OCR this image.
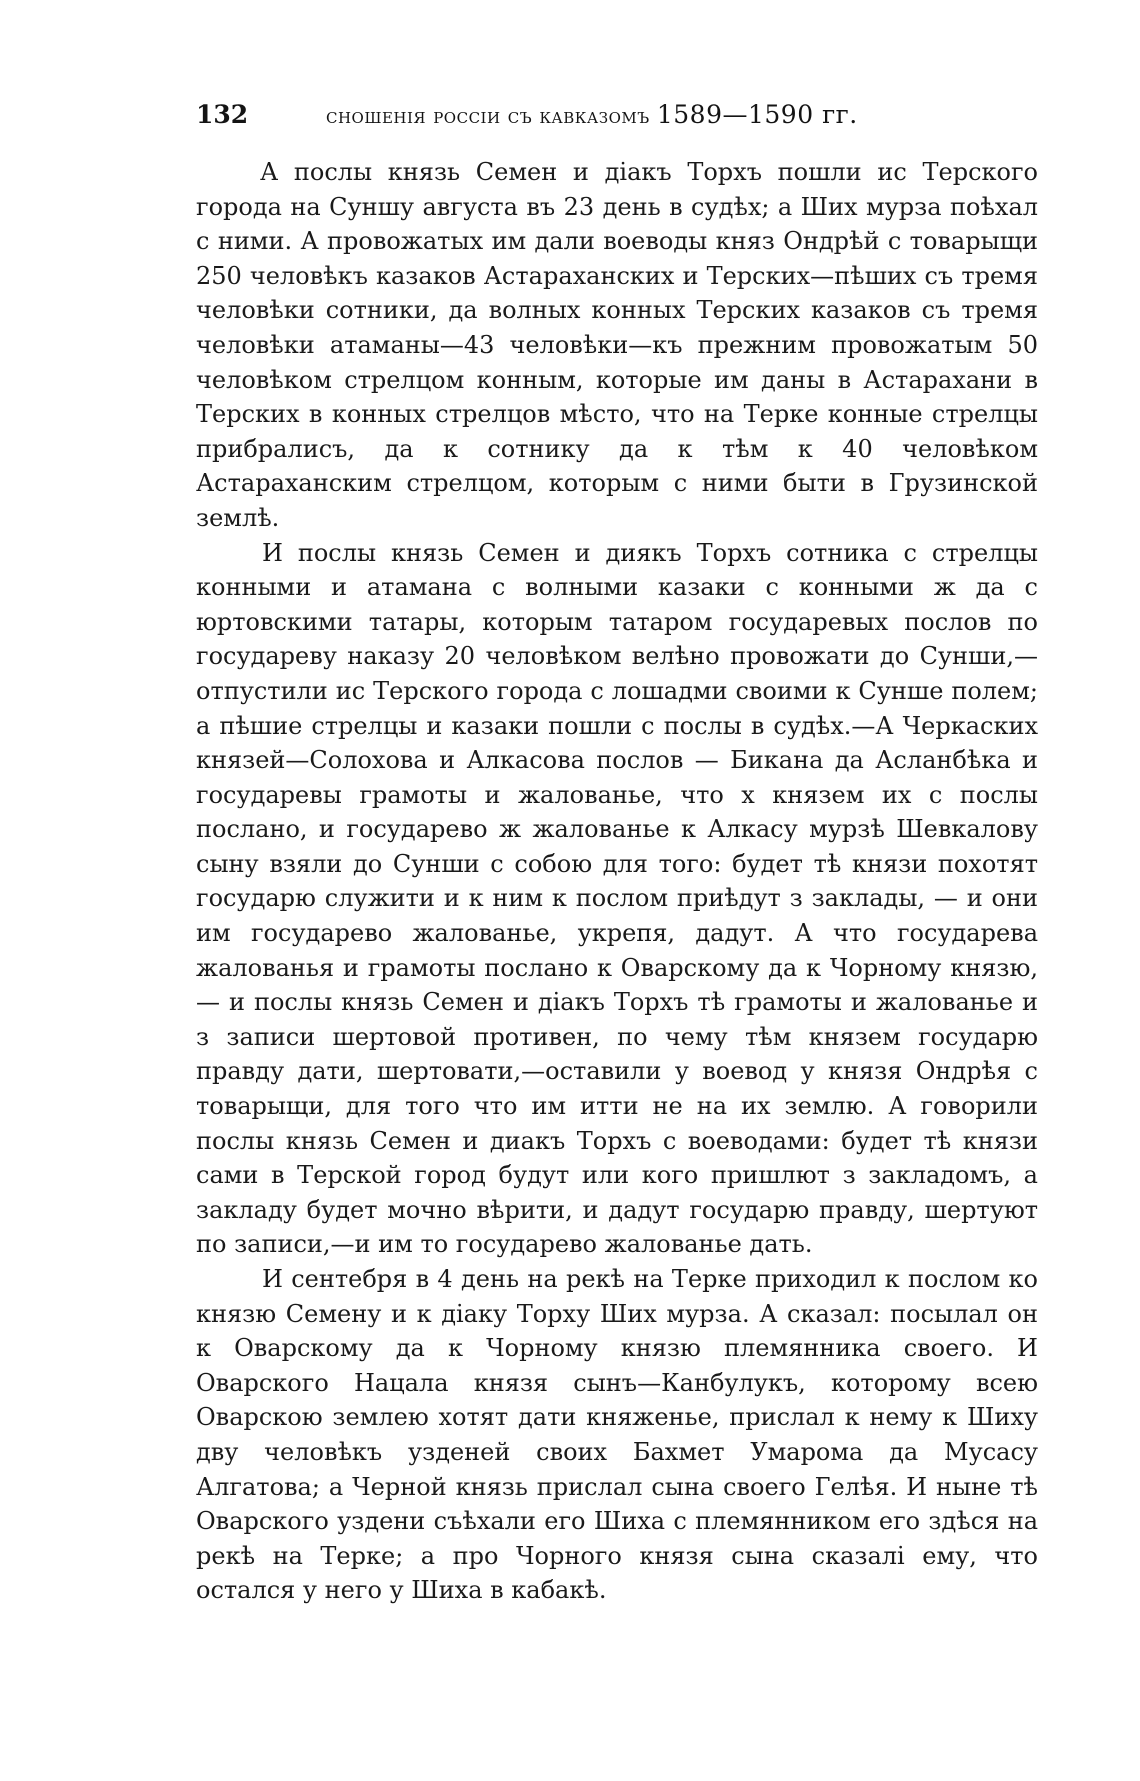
132	сношенія россіи съ кавказомъ 1589—1590 гг.

А послы князь Семен и діакъ Торхъ пошли ис Терского города на Суншу августа въ 23 день в судѣх; а Ших мурза поѣхал с ними. А провожатых им дали воеводы княз Ондрѣй с товарыщи 250 человѣкъ казаков Астараханских и Терских—пѣших съ тремя человѣки сотники, да волных конных Терских казаков съ тремя человѣки атаманы—43 человѣки—къ прежним провожатым 50 человѣком стрелцом конным, которые им даны в Астарахани в Терских в конных стрелцов мѣсто, что на Терке конные стрелцы прибралисъ, да к сотнику да к тѣм к 40 человѣком Астараханским стрелцом, которым с ними быти в Грузинской землѣ.

И послы князь Семен и диякъ Торхъ сотника с стрелцы конными и атамана с волными казаки с конными ж да с юртовскими татары, которым татаром государевых послов по государеву наказу 20 человѣком велѣно провожати до Сунши,—отпустили ис Терского города с лошадми своими к Сунше полем; а пѣшие стрелцы и казаки пошли с послы в судѣх.—А Черкаских князей—Солохова и Алкасова послов — Бикана да Асланбѣка и государевы грамоты и жалованье, что х князем их с послы послано, и государево ж жалованье к Алкасу мурзѣ Шевкалову сыну взяли до Сунши с собою для того: будет тѣ князи похотят государю служити и к ним к послом приѣдут з заклады, — и они им государево жалованье, укрепя, дадут. А что государева жалованья и грамоты послано к Оварскому да к Чорному князю,— и послы князь Семен и діакъ Торхъ тѣ грамоты и жалованье и з записи шертовой противен, по чему тѣм князем государю правду дати, шертовати,—оставили у воевод у князя Ондрѣя с товарыщи, для того что им итти не на их землю. А говорили послы князь Семен и диакъ Торхъ с воеводами: будет тѣ князи сами в Терской город будут или кого пришлют з закладомъ, а закладу будет мочно вѣрити, и дадут государю правду, шертуют по записи,—и им то государево жалованье дать.

И сентебря в 4 день на рекѣ на Терке приходил к послом ко князю Семену и к діаку Торху Ших мурза. А сказал: посылал он к Оварскому да к Чорному князю племянника своего. И Оварского Нацала князя сынъ—Канбулукъ, которому всею Оварскою землею хотят дати княженье, прислал к нему к Шиху дву человѣкъ узденей своих Бахмет Умарома да Мусасу Алгатова; а Черной князь прислал сына своего Гелѣя. И ныне тѣ Оварского уздени съѣхали его Шиха с племянником его здѣся на рекѣ на Терке; а про Чорного князя сына сказалі ему, что остался у него у Шиха в кабакѣ.
